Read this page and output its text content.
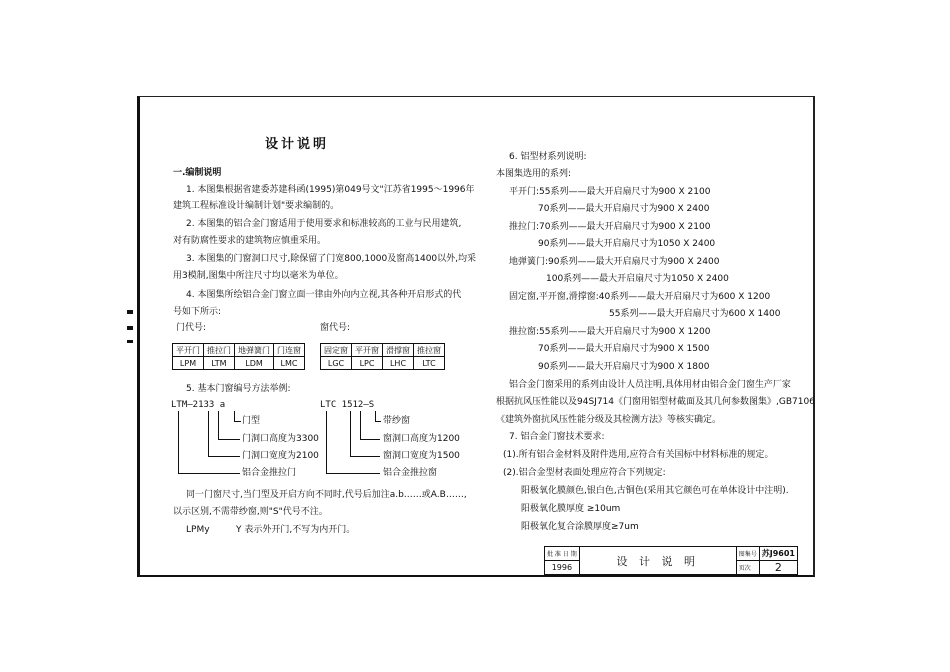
设计说明
一.编制说明
1. 本图集根据省建委苏建科函(1995)第049号文"江苏省1995～1996年
建筑工程标准设计编制计划"要求编制的。
2. 本图集的铝合金门窗适用于使用要求和标准较高的工业与民用建筑,
对有防腐性要求的建筑物应慎重采用。
3. 本图集的门窗洞口尺寸,除保留了门宽800,1000及窗高1400以外,均采
用3模制,图集中所注尺寸均以毫米为单位。
4. 本图集所绘铝合金门窗立面一律由外向内立视,其各种开启形式的代
号如下所示:
门代号:	窗代号:
平开门	推拉门	地弹簧门	门连窗
LPM	LTM	LDM	LMC
固定窗	平开窗	滑撑窗	推拉窗
LGC	LPC	LHC	LTC
5. 基本门窗编号方法举例:
LTM—2133 a
门型
门洞口高度为3300
门洞口宽度为2100
铝合金推拉门
LTC 1512—S
带纱窗
窗洞口高度为1200
窗洞口宽度为1500
铝合金推拉窗
同一门窗尺寸,当门型及开启方向不同时,代号后加注a.b……或A.B……,
以示区别,不需带纱窗,则"S"代号不注。
LPMy	Y 表示外开门,不写为内开门。
6. 铝型材系列说明:
本图集选用的系列:
平开门:55系列——最大开启扇尺寸为900 X 2100
70系列——最大开启扇尺寸为900 X 2400
推拉门:70系列——最大开启扇尺寸为900 X 2100
90系列——最大开启扇尺寸为1050 X 2400
地弹簧门:90系列——最大开启扇尺寸为900 X 2400
100系列——最大开启扇尺寸为1050 X 2400
固定窗,平开窗,滑撑窗:40系列——最大开启扇尺寸为600 X 1200
55系列——最大开启扇尺寸为600 X 1400
推拉窗:55系列——最大开启扇尺寸为900 X 1200
70系列——最大开启扇尺寸为900 X 1500
90系列——最大开启扇尺寸为900 X 1800
铝合金门窗采用的系列由设计人员注明,具体用材由铝合金门窗生产厂家
根据抗风压性能以及94SJ714《门窗用铝型材截面及其几何参数图集》,GB7106
《建筑外窗抗风压性能分级及其检测方法》等核实确定。
7. 铝合金门窗技术要求:
(1).所有铝合金材料及附件选用,应符合有关国标中材料标准的规定。
(2).铝合金型材表面处理应符合下列规定:
阳极氧化膜颜色,银白色,古铜色(采用其它颜色可在单体设计中注明).
阳极氧化膜厚度 ≥10um
阳极氧化复合涂膜厚度≥7um
批 准 日 期	设 计 说 明	图集号	苏J9601
1996		页次	2
